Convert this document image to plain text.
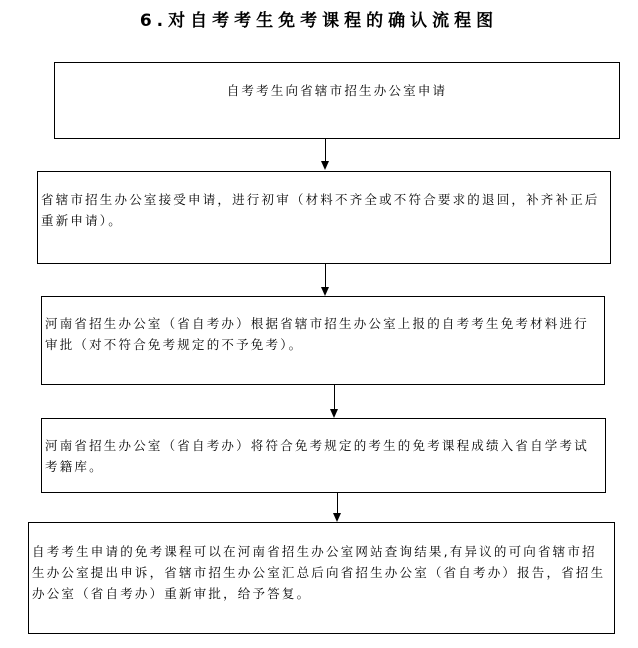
6.对自考考生免考课程的确认流程图
自考考生向省辖市招生办公室申请
省辖市招生办公室接受申请，进行初审（材料不齐全或不符合要求的退回，补齐补正后重新申请）。
河南省招生办公室（省自考办）根据省辖市招生办公室上报的自考考生免考材料进行审批（对不符合免考规定的不予免考）。
河南省招生办公室（省自考办）将符合免考规定的考生的免考课程成绩入省自学考试考籍库。
自考考生申请的免考课程可以在河南省招生办公室网站查询结果,有异议的可向省辖市招生办公室提出申诉，省辖市招生办公室汇总后向省招生办公室（省自考办）报告，省招生办公室（省自考办）重新审批，给予答复。
